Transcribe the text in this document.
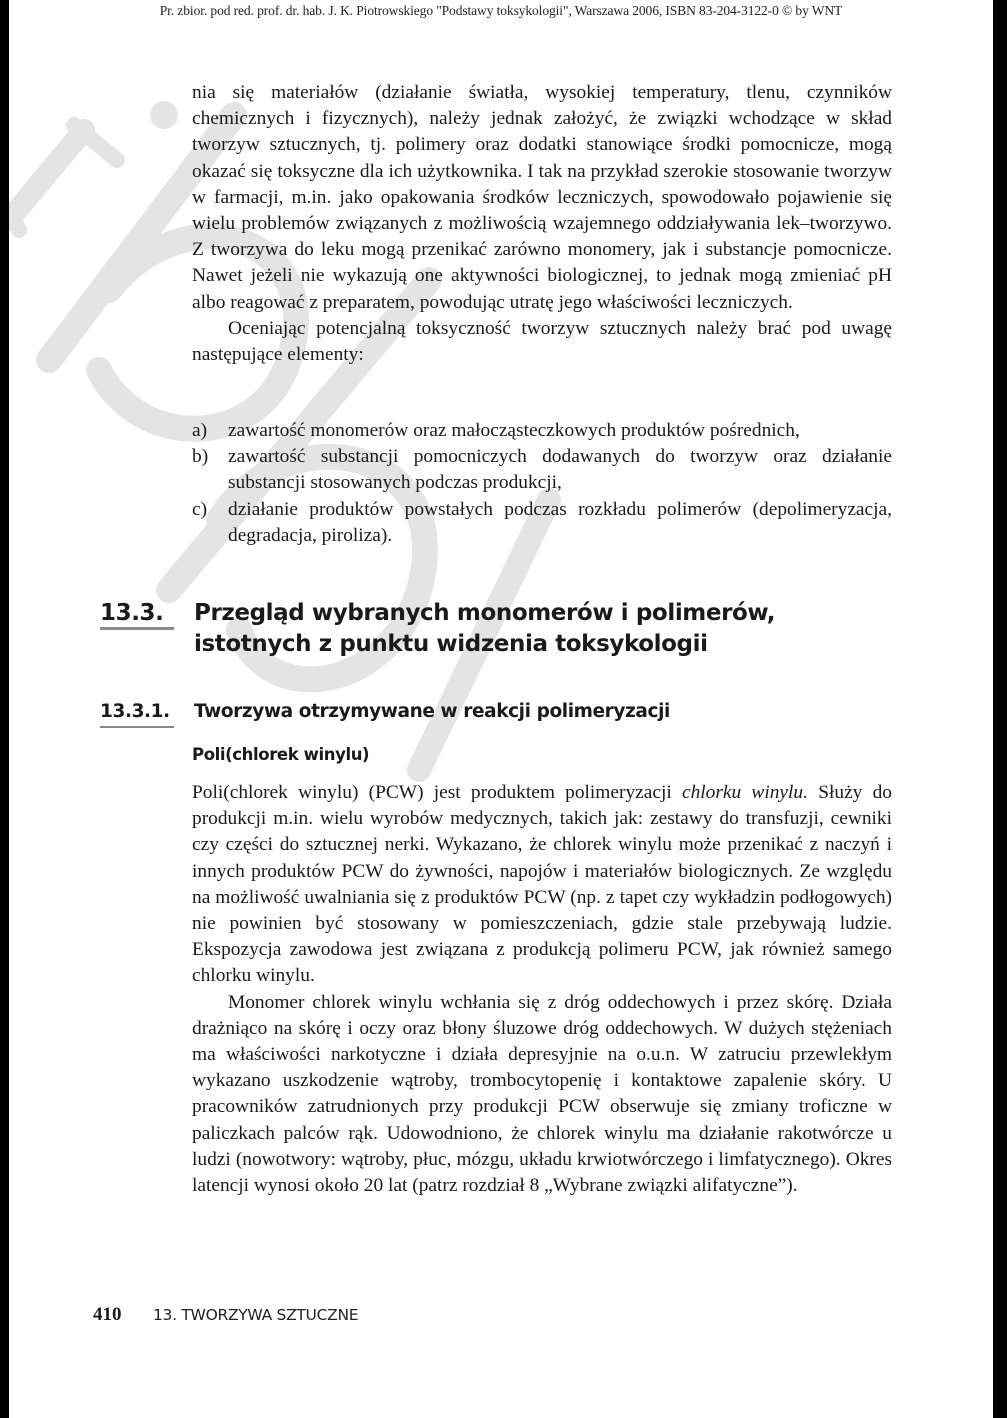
Pr. zbior. pod red. prof. dr. hab. J. K. Piotrowskiego "Podstawy toksykologii", Warszawa 2006, ISBN 83-204-3122-0 © by WNT

nia się materiałów (działanie światła, wysokiej temperatury, tlenu, czynników chemicznych i fizycznych), należy jednak założyć, że związki wchodzące w skład tworzyw sztucznych, tj. polimery oraz dodatki stanowiące środki pomocnicze, mogą okazać się toksyczne dla ich użytkownika. I tak na przykład szerokie stosowanie tworzyw w farmacji, m.in. jako opakowania środków leczniczych, spowodowało pojawienie się wielu problemów związanych z możliwością wzajemnego oddziaływania lek–tworzywo. Z tworzywa do leku mogą przenikać zarówno monomery, jak i substancje pomocnicze. Nawet jeżeli nie wykazują one aktywności biologicznej, to jednak mogą zmieniać pH albo reagować z preparatem, powodując utratę jego właściwości leczniczych.

Oceniając potencjalną toksyczność tworzyw sztucznych należy brać pod uwagę następujące elementy:

a)	zawartość monomerów oraz małocząsteczkowych produktów pośrednich,
b)	zawartość substancji pomocniczych dodawanych do tworzyw oraz działanie substancji stosowanych podczas produkcji,
c)	działanie produktów powstałych podczas rozkładu polimerów (depolimeryzacja, degradacja, piroliza).
13.3.	Przegląd wybranych monomerów i polimerów, istotnych z punktu widzenia toksykologii
13.3.1.	Tworzywa otrzymywane w reakcji polimeryzacji
Poli(chlorek winylu)

Poli(chlorek winylu) (PCW) jest produktem polimeryzacji chlorku winylu. Służy do produkcji m.in. wielu wyrobów medycznych, takich jak: zestawy do transfuzji, cewniki czy części do sztucznej nerki. Wykazano, że chlorek winylu może przenikać z naczyń i innych produktów PCW do żywności, napojów i materiałów biologicznych. Ze względu na możliwość uwalniania się z produktów PCW (np. z tapet czy wykładzin podłogowych) nie powinien być stosowany w pomieszczeniach, gdzie stale przebywają ludzie. Ekspozycja zawodowa jest związana z produkcją polimeru PCW, jak również samego chlorku winylu.

Monomer chlorek winylu wchłania się z dróg oddechowych i przez skórę. Działa drażniąco na skórę i oczy oraz błony śluzowe dróg oddechowych. W dużych stężeniach ma właściwości narkotyczne i działa depresyjnie na o.u.n. W zatruciu przewlekłym wykazano uszkodzenie wątroby, trombocytopenię i kontaktowe zapalenie skóry. U pracowników zatrudnionych przy produkcji PCW obserwuje się zmiany troficzne w paliczkach palców rąk. Udowodniono, że chlorek winylu ma działanie rakotwórcze u ludzi (nowotwory: wątroby, płuc, mózgu, układu krwiotwórczego i limfatycznego). Okres latencji wynosi około 20 lat (patrz rozdział 8 „Wybrane związki alifatyczne”).

410	13. TWORZYWA SZTUCZNE
